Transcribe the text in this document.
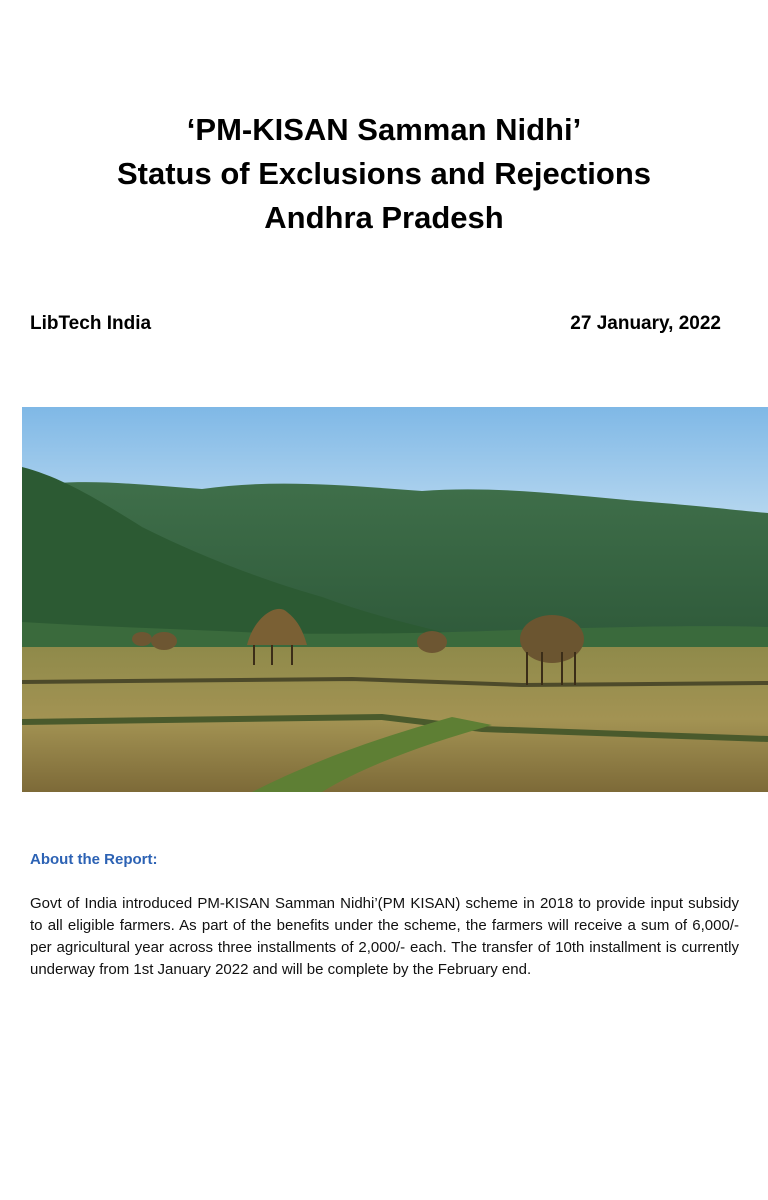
‘PM-KISAN Samman Nidhi’

Status of Exclusions and Rejections

Andhra Pradesh

LibTech India	27 January, 2022
About the Report:

Govt of India introduced PM-KISAN Samman Nidhi’(PM KISAN) scheme in 2018 to provide input subsidy to all eligible farmers. As part of the benefits under the scheme, the farmers will receive a sum of 6,000/- per agricultural year across three installments of 2,000/- each. The transfer of 10th installment is currently underway from 1st January 2022 and will be complete by the February end.
